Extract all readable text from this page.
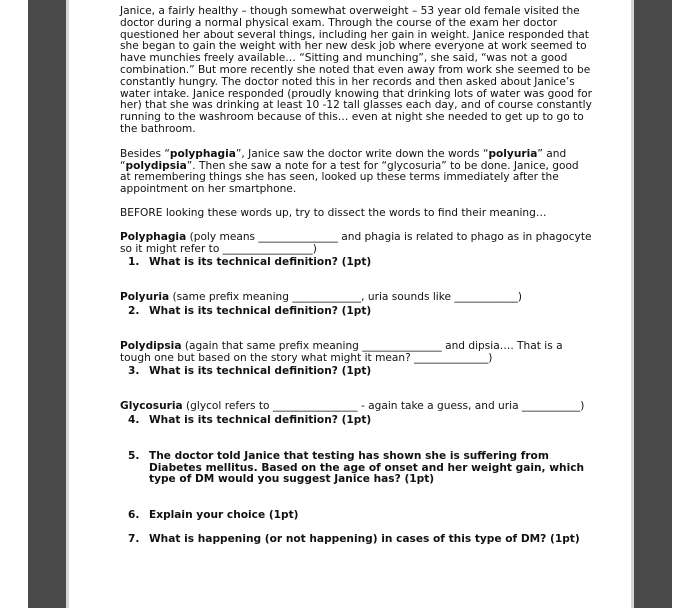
Janice, a fairly healthy – though somewhat overweight – 53 year old female visited the doctor during a normal physical exam. Through the course of the exam her doctor questioned her about several things, including her gain in weight. Janice responded that she began to gain the weight with her new desk job where everyone at work seemed to have munchies freely available… “Sitting and munching”, she said, “was not a good combination.” But more recently she noted that even away from work she seemed to be constantly hungry. The doctor noted this in her records and then asked about Janice’s water intake. Janice responded (proudly knowing that drinking lots of water was good for her) that she was drinking at least 10 -12 tall glasses each day, and of course constantly running to the washroom because of this… even at night she needed to get up to go to the bathroom.

Besides “polyphagia”, Janice saw the doctor write down the words “polyuria” and “polydipsia”. Then she saw a note for a test for “glycosuria” to be done. Janice, good at remembering things she has seen, looked up these terms immediately after the appointment on her smartphone.

BEFORE looking these words up, try to dissect the words to find their meaning…

Polyphagia (poly means _______________ and phagia is related to phago as in phagocyte so it might refer to _________________)

1. What is its technical definition? (1pt)

Polyuria (same prefix meaning _____________, uria sounds like ____________)

2. What is its technical definition? (1pt)

Polydipsia (again that same prefix meaning _______________ and dipsia…. That is a tough one but based on the story what might it mean? ______________)

3. What is its technical definition? (1pt)

Glycosuria (glycol refers to ________________ - again take a guess, and uria ___________)

4. What is its technical definition? (1pt)

5. The doctor told Janice that testing has shown she is suffering from Diabetes mellitus. Based on the age of onset and her weight gain, which type of DM would you suggest Janice has? (1pt)

6. Explain your choice (1pt)

7. What is happening (or not happening) in cases of this type of DM? (1pt)
